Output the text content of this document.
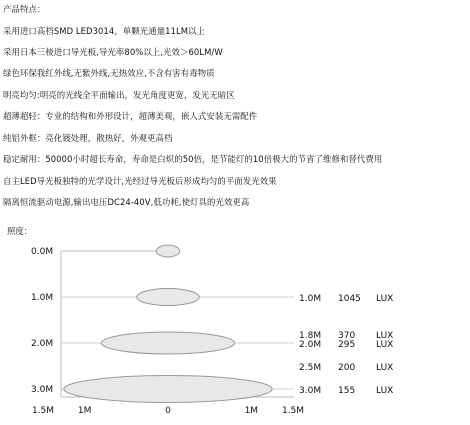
产品特点：
采用进口高档SMD LED3014，单颗光通量11LM以上
采用日本三棱进口导光板,导光率80%以上,光效＞60LM/W
绿色环保我红外线,无紫外线,无热效应,不含有害有毒物质
明亮均匀:明亮的光线全平面输出，发光角度更宽，发光无暗区
超薄超轻：专业的结构和外形设计，超薄美观，嵌人式安装无需配件
纯铝外框：亮化镀处理，散热好，外观更高档
稳定耐用：50000小时超长寿命，寿命是白炽的50倍，是节能灯的10倍极大的节省了维修和替代费用
自主LED导光板独特的光学设计,光经过导光板后形成均匀的平面发光效果
隔离恒流驱动电源,输出电压DC24-40V,低功耗,使灯具的光效更高
照度：
0.0M
1.0M
2.0M
3.0M
1.5M	1M	0	1M	1.5M
1.0M 1045 LUX
1.8M 370 LUX
2.0M 295 LUX
2.5M 200 LUX
3.0M 155 LUX
